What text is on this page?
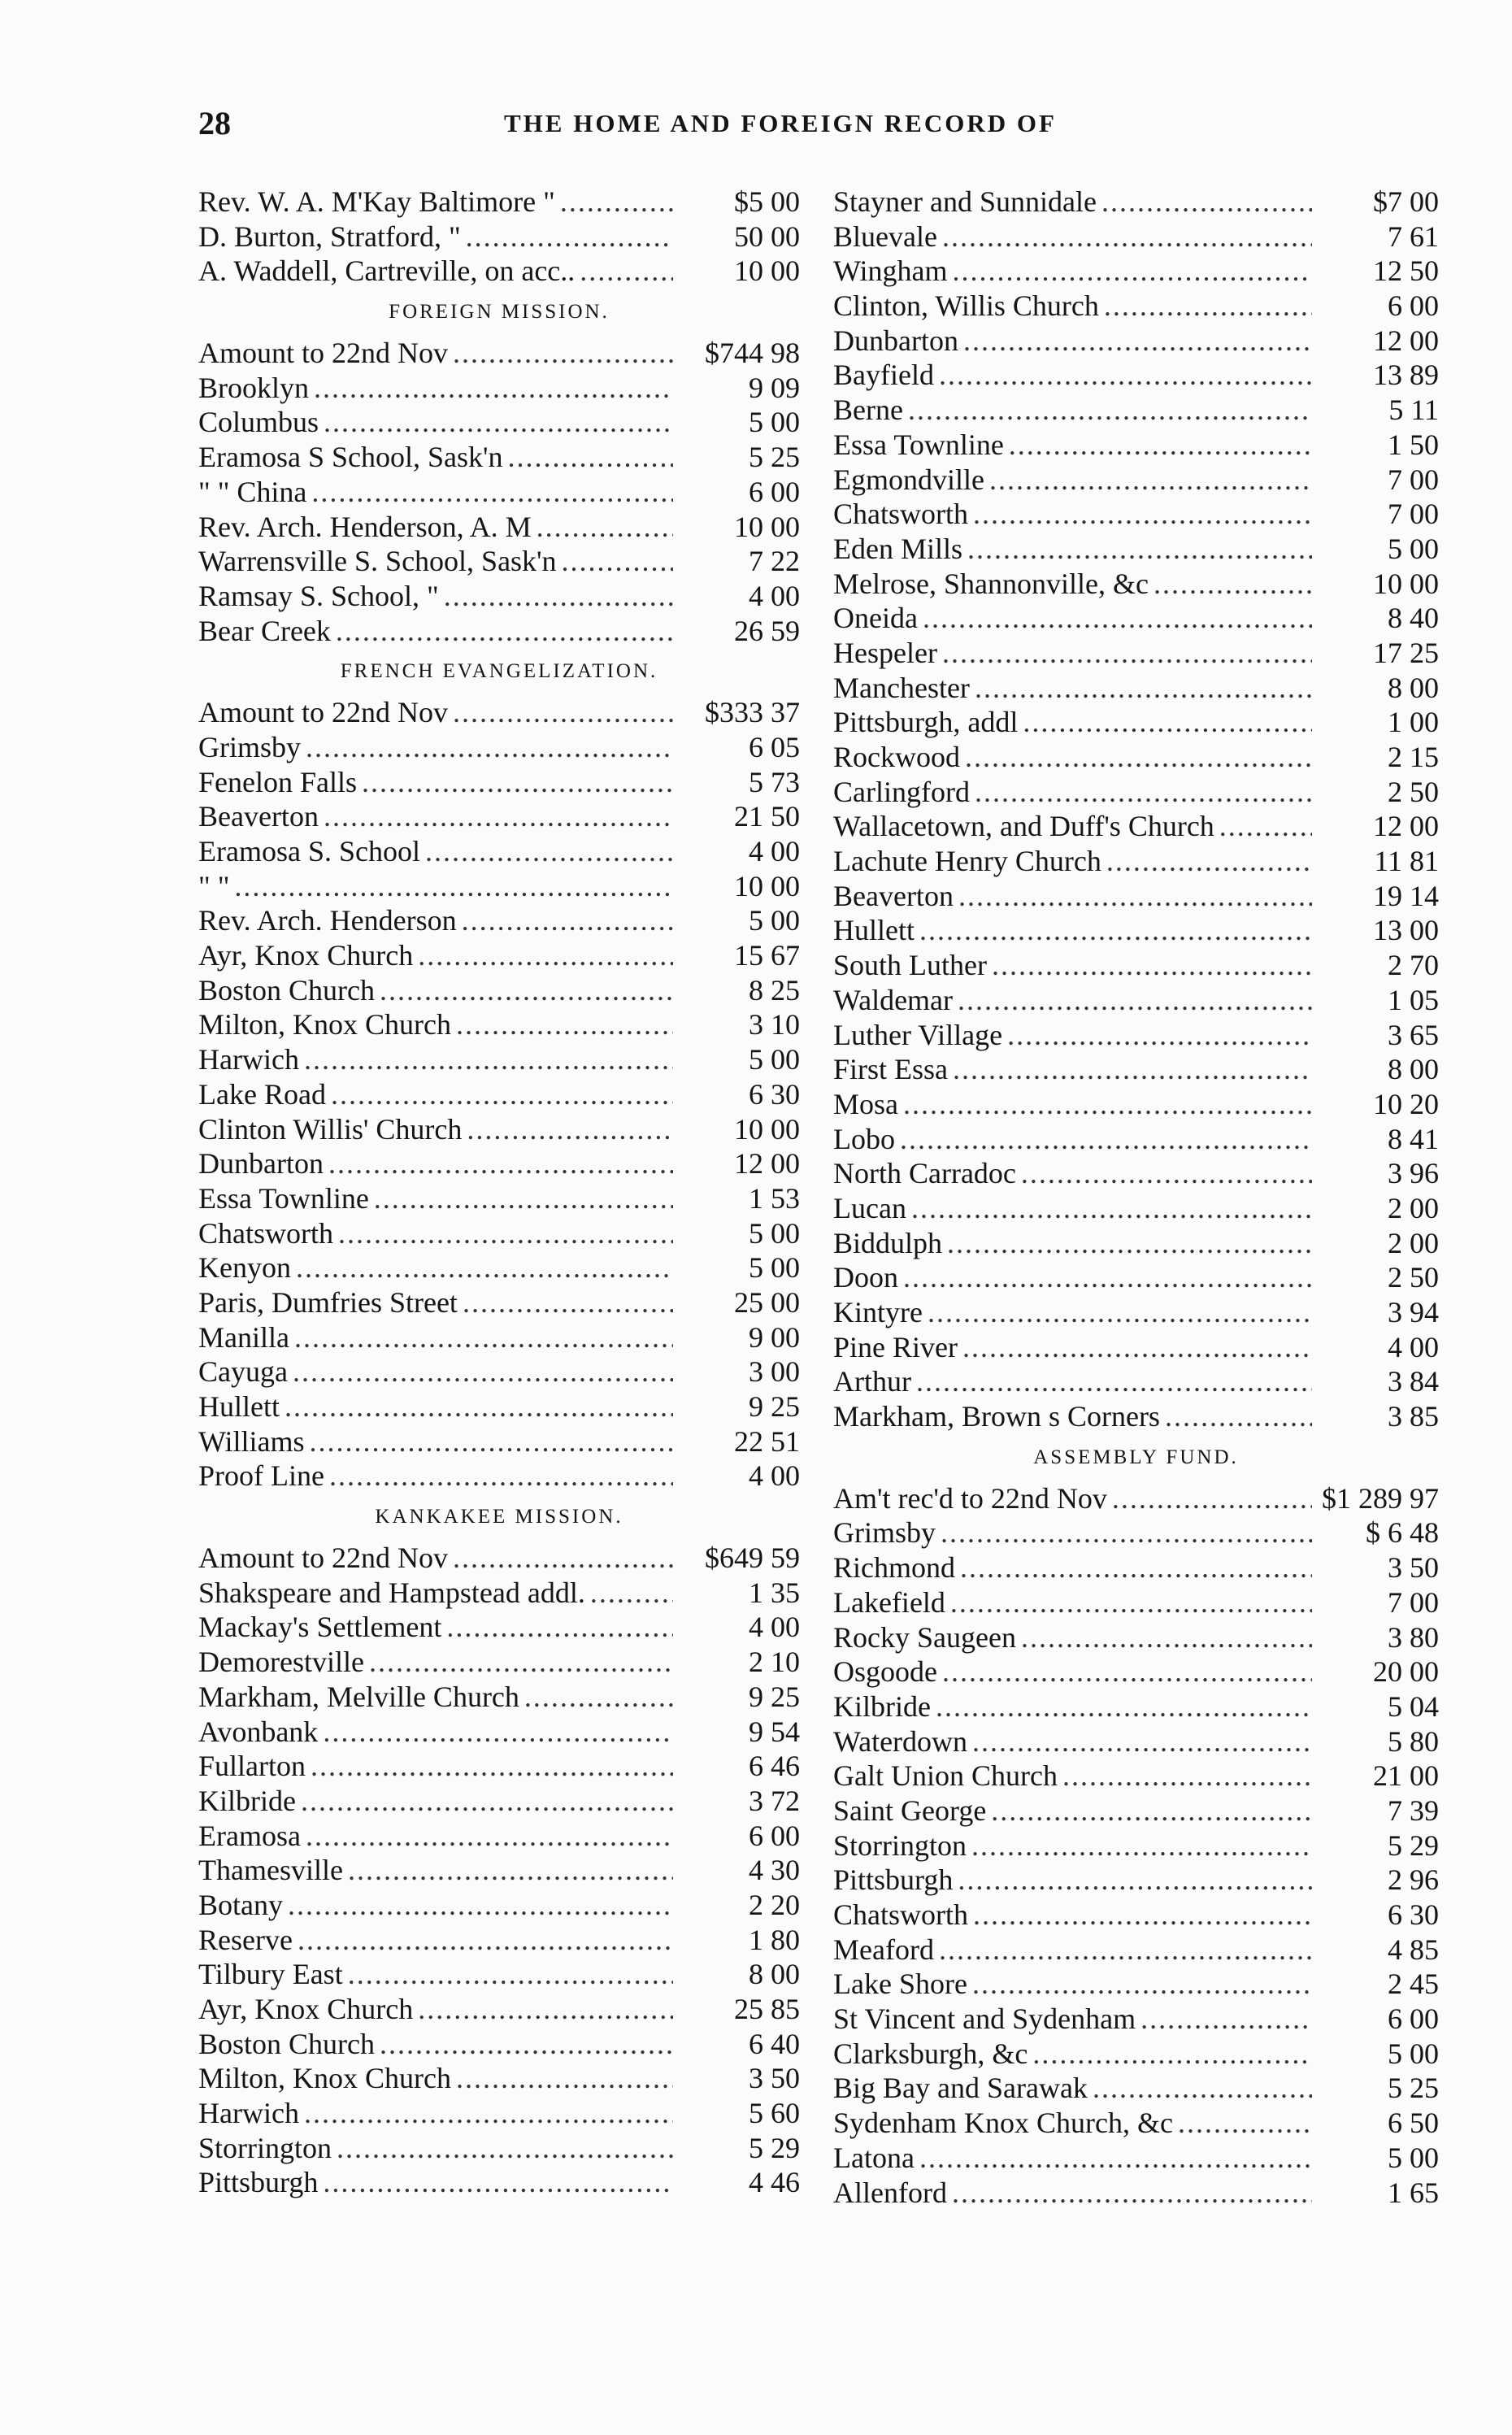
28	THE HOME AND FOREIGN RECORD OF
Rev. W. A. M'Kay Baltimore " .....	$5 00
D. Burton, Stratford, " .....	50 00
A. Waddell, Cartreville, on acc.. .....	10 00
FOREIGN MISSION.
Amount to 22nd Nov .....	$744 98
Brooklyn .....	9 09
Columbus .....	5 00
Eramosa S School, Sask'n .....	5 25
" " China .....	6 00
Rev. Arch. Henderson, A. M .....	10 00
Warrensville S. School, Sask'n .....	7 22
Ramsay S. School, " .....	4 00
Bear Creek .....	26 59
FRENCH EVANGELIZATION.
Amount to 22nd Nov .....	$333 37
Grimsby .....	6 05
Fenelon Falls .....	5 73
Beaverton .....	21 50
Eramosa S. School .....	4 00
" " .....	10 00
Rev. Arch. Henderson .....	5 00
Ayr, Knox Church .....	15 67
Boston Church .....	8 25
Milton, Knox Church .....	3 10
Harwich .....	5 00
Lake Road .....	6 30
Clinton Willis' Church .....	10 00
Dunbarton .....	12 00
Essa Townline .....	1 53
Chatsworth .....	5 00
Kenyon .....	5 00
Paris, Dumfries Street .....	25 00
Manilla .....	9 00
Cayuga .....	3 00
Hullett .....	9 25
Williams .....	22 51
Proof Line .....	4 00
KANKAKEE MISSION.
Amount to 22nd Nov .....	$649 59
Shakspeare and Hampstead addl. .....	1 35
Mackay's Settlement .....	4 00
Demorestville .....	2 10
Markham, Melville Church .....	9 25
Avonbank .....	9 54
Fullarton .....	6 46
Kilbride .....	3 72
Eramosa .....	6 00
Thamesville .....	4 30
Botany .....	2 20
Reserve .....	1 80
Tilbury East .....	8 00
Ayr, Knox Church .....	25 85
Boston Church .....	6 40
Milton, Knox Church .....	3 50
Harwich .....	5 60
Storrington .....	5 29
Pittsburgh .....	4 46
Stayner and Sunnidale .....	$7 00
Bluevale .....	7 61
Wingham .....	12 50
Clinton, Willis Church .....	6 00
Dunbarton .....	12 00
Bayfield .....	13 89
Berne .....	5 11
Essa Townline .....	1 50
Egmondville .....	7 00
Chatsworth .....	7 00
Eden Mills .....	5 00
Melrose, Shannonville, &c .....	10 00
Oneida .....	8 40
Hespeler .....	17 25
Manchester .....	8 00
Pittsburgh, addl .....	1 00
Rockwood .....	2 15
Carlingford .....	2 50
Wallacetown, and Duff's Church .....	12 00
Lachute Henry Church .....	11 81
Beaverton .....	19 14
Hullett .....	13 00
South Luther .....	2 70
Waldemar .....	1 05
Luther Village .....	3 65
First Essa .....	8 00
Mosa .....	10 20
Lobo .....	8 41
North Carradoc .....	3 96
Lucan .....	2 00
Biddulph .....	2 00
Doon .....	2 50
Kintyre .....	3 94
Pine River .....	4 00
Arthur .....	3 84
Markham, Brown s Corners .....	3 85
ASSEMBLY FUND.
Am't rec'd to 22nd Nov .....	$1 289 97
Grimsby .....	$ 6 48
Richmond .....	3 50
Lakefield .....	7 00
Rocky Saugeen .....	3 80
Osgoode .....	20 00
Kilbride .....	5 04
Waterdown .....	5 80
Galt Union Church .....	21 00
Saint George .....	7 39
Storrington .....	5 29
Pittsburgh .....	2 96
Chatsworth .....	6 30
Meaford .....	4 85
Lake Shore .....	2 45
St Vincent and Sydenham .....	6 00
Clarksburgh, &c .....	5 00
Big Bay and Sarawak .....	5 25
Sydenham Knox Church, &c .....	6 50
Latona .....	5 00
Allenford .....	1 65
